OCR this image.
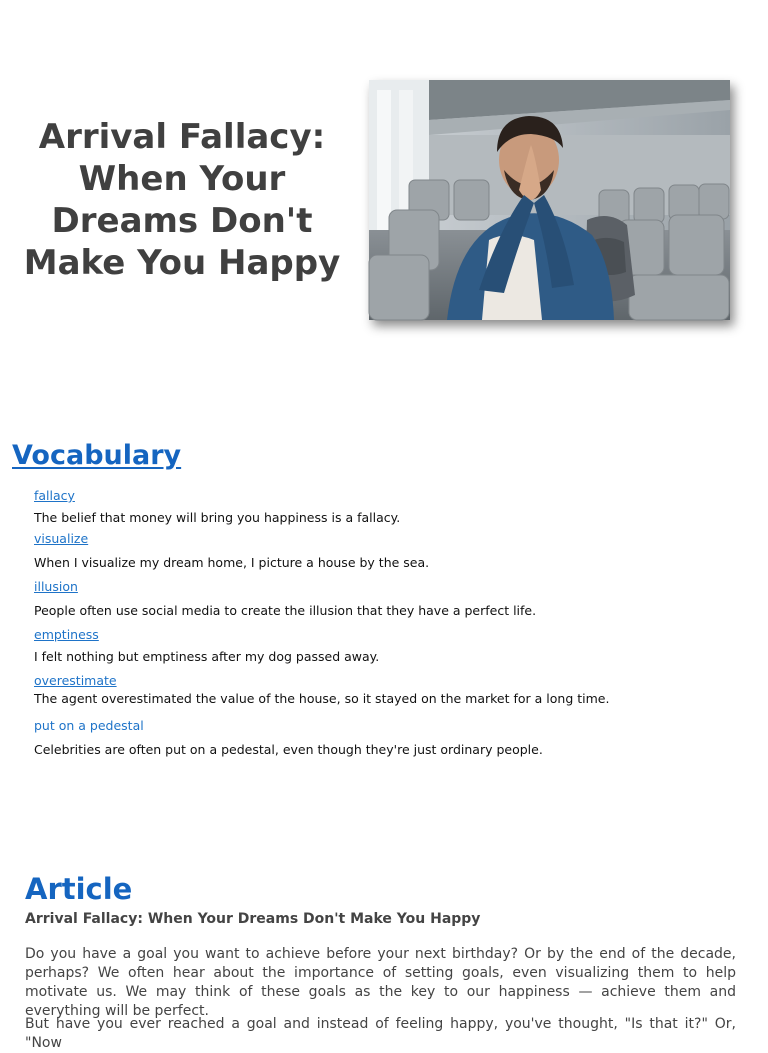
Arrival Fallacy: When Your Dreams Don't Make You Happy
Vocabulary
fallacy
The belief that money will bring you happiness is a fallacy.
visualize
When I visualize my dream home, I picture a house by the sea.
illusion
People often use social media to create the illusion that they have a perfect life.
emptiness
I felt nothing but emptiness after my dog passed away.
overestimate
The agent overestimated the value of the house, so it stayed on the market for a long time.
put on a pedestal
Celebrities are often put on a pedestal, even though they're just ordinary people.
Article
Arrival Fallacy: When Your Dreams Don't Make You Happy

Do you have a goal you want to achieve before your next birthday? Or by the end of the decade, perhaps? We often hear about the importance of setting goals, even visualizing them to help motivate us. We may think of these goals as the key to our happiness — achieve them and everything will be perfect.

But have you ever reached a goal and instead of feeling happy, you've thought, "Is that it?" Or, "Now
